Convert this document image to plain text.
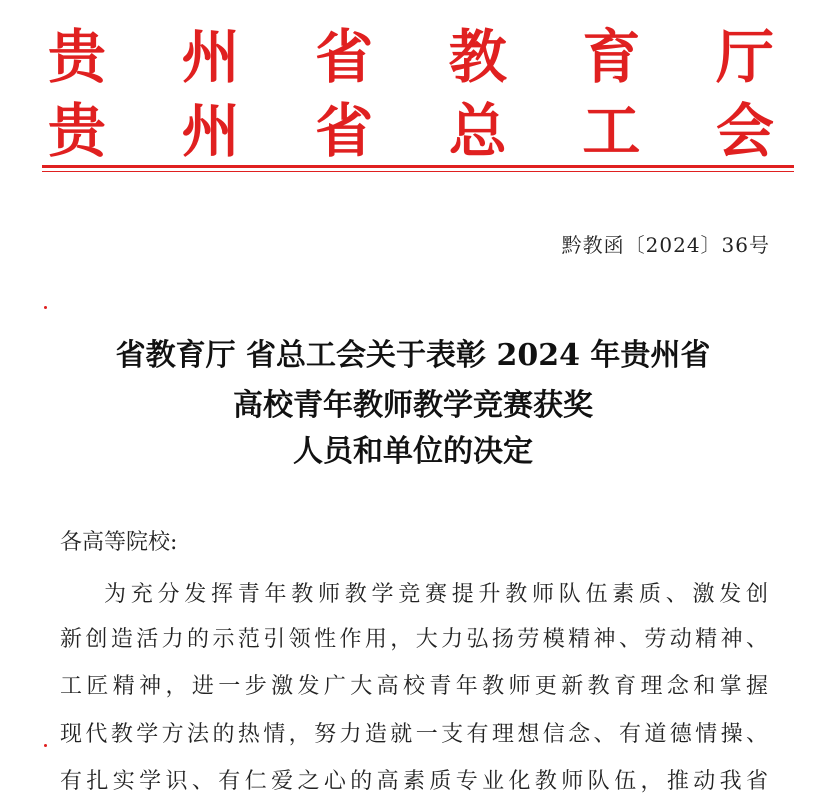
贵 州 省 教 育 厅
贵 州 省 总 工 会
黔教函〔2024〕36号
省教育厅 省总工会关于表彰 2024 年贵州省
高校青年教师教学竞赛获奖
人员和单位的决定
各高等院校:
为充分发挥青年教师教学竞赛提升教师队伍素质、激发创
新创造活力的示范引领性作用，大力弘扬劳模精神、劳动精神、
工匠精神，进一步激发广大高校青年教师更新教育理念和掌握
现代教学方法的热情，努力造就一支有理想信念、有道德情操、
有扎实学识、有仁爱之心的高素质专业化教师队伍，推动我省
